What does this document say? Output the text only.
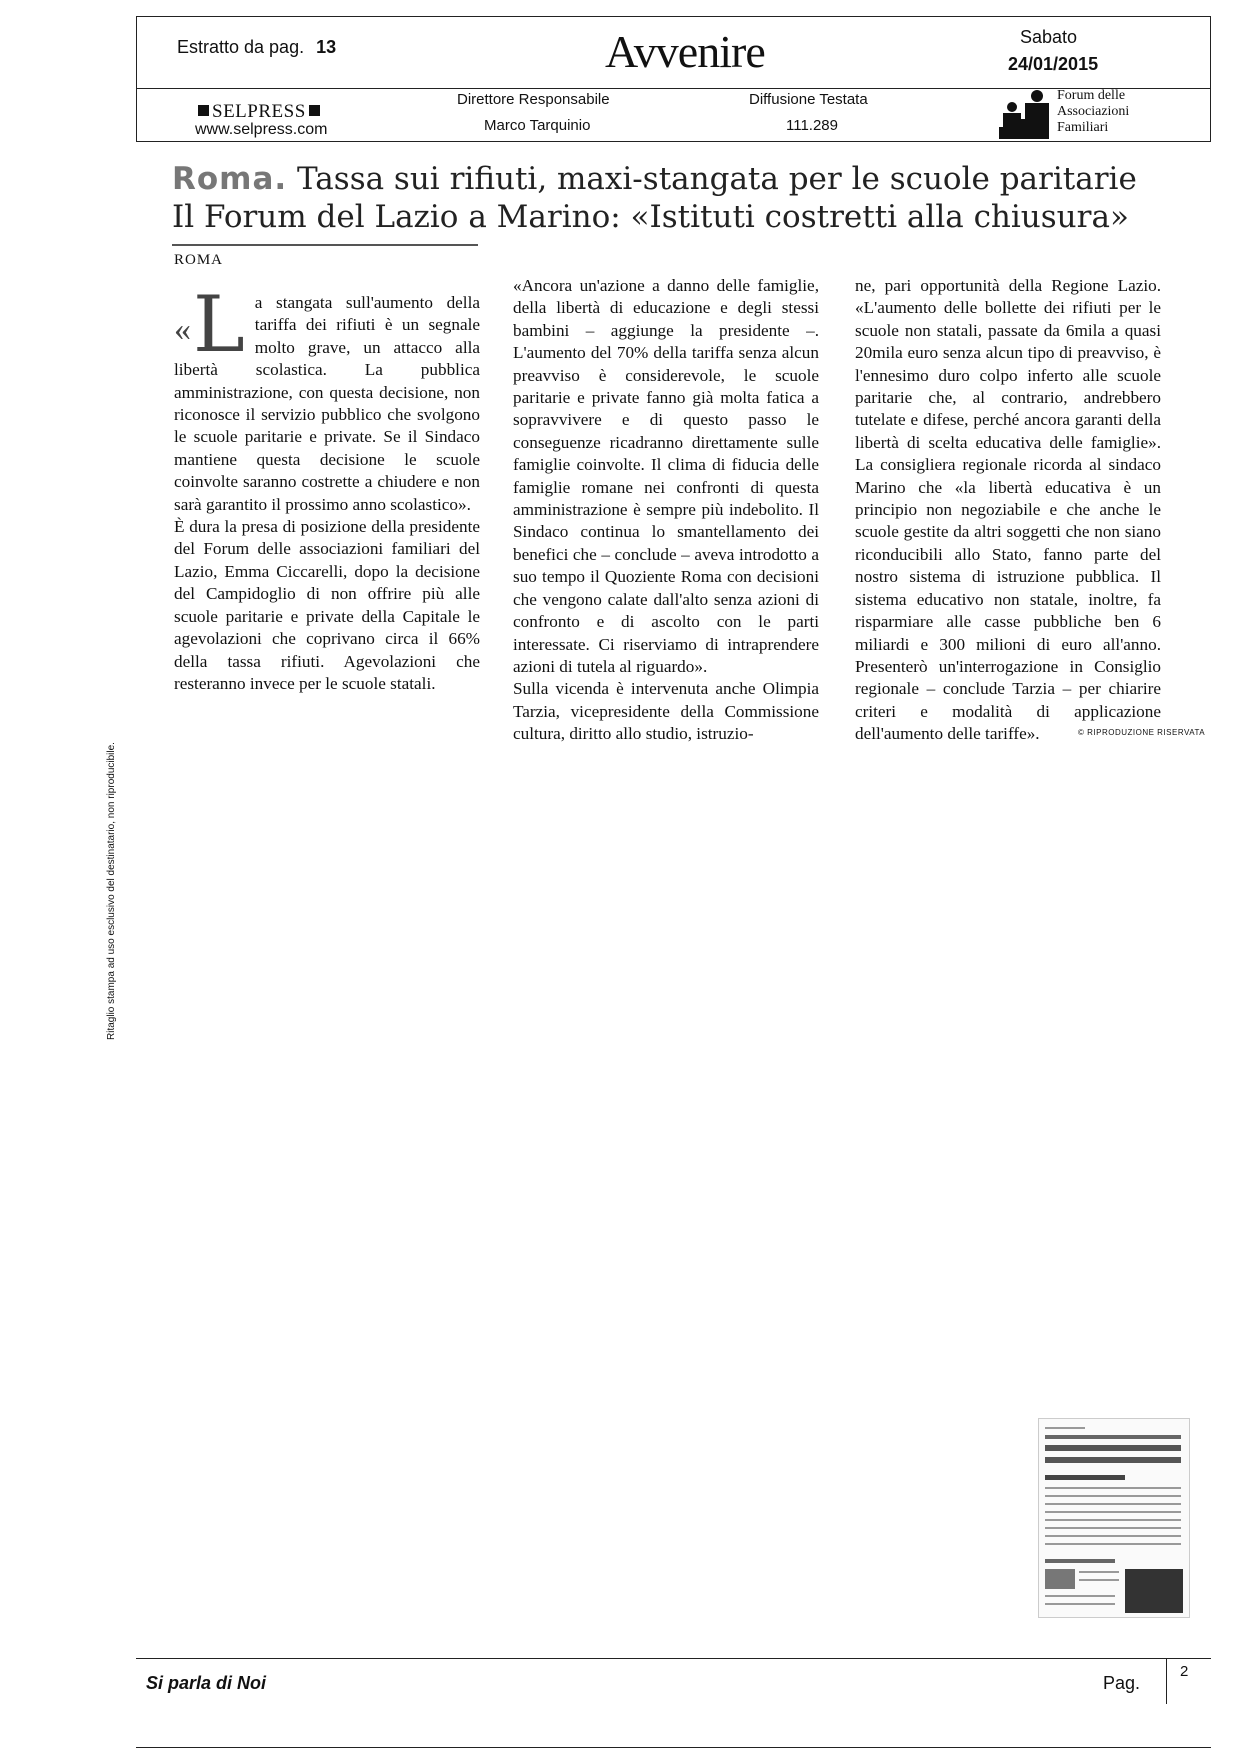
Estratto da pag. 13	Avvenire	Sabato
24/01/2015
SELPRESS
www.selpress.com
Direttore Responsabile
Marco Tarquinio
Diffusione Testata
111.289
Forum delle
Associazioni
Familiari
Roma. Tassa sui rifiuti, maxi-stangata per le scuole paritarie
Il Forum del Lazio a Marino: «Istituti costretti alla chiusura»
ROMA
« L a stangata sull'aumento della tariffa dei rifiuti è un segnale molto grave, un attacco alla libertà scolastica. La pubblica amministrazione, con questa decisione, non riconosce il servizio pubblico che svolgono le scuole paritarie e private. Se il Sindaco mantiene questa decisione le scuole coinvolte saranno costrette a chiudere e non sarà garantito il prossimo anno scolastico».

È dura la presa di posizione della presidente del Forum delle associazioni familiari del Lazio, Emma Ciccarelli, dopo la decisione del Campidoglio di non offrire più alle scuole paritarie e private della Capitale le agevolazioni che coprivano circa il 66% della tassa rifiuti. Agevolazioni che resteranno invece per le scuole statali.

«Ancora un'azione a danno delle famiglie, della libertà di educazione e degli stessi bambini – aggiunge la presidente –. L'aumento del 70% della tariffa senza alcun preavviso è considerevole, le scuole paritarie e private fanno già molta fatica a sopravvivere e di questo passo le conseguenze ricadranno direttamente sulle famiglie coinvolte. Il clima di fiducia delle famiglie romane nei confronti di questa amministrazione è sempre più indebolito. Il Sindaco continua lo smantellamento dei benefici che – conclude – aveva introdotto a suo tempo il Quoziente Roma con decisioni che vengono calate dall'alto senza azioni di confronto e di ascolto con le parti interessate. Ci riserviamo di intraprendere azioni di tutela al riguardo».

Sulla vicenda è intervenuta anche Olimpia Tarzia, vicepresidente della Commissione cultura, diritto allo studio, istruzio-

ne, pari opportunità della Regione Lazio. «L'aumento delle bollette dei rifiuti per le scuole non statali, passate da 6mila a quasi 20mila euro senza alcun tipo di preavviso, è l'ennesimo duro colpo inferto alle scuole paritarie che, al contrario, andrebbero tutelate e difese, perché ancora garanti della libertà di scelta educativa delle famiglie». La consigliera regionale ricorda al sindaco Marino che «la libertà educativa è un principio non negoziabile e che anche le scuole gestite da altri soggetti che non siano riconducibili allo Stato, fanno parte del nostro sistema di istruzione pubblica. Il sistema educativo non statale, inoltre, fa risparmiare alle casse pubbliche ben 6 miliardi e 300 milioni di euro all'anno. Presenterò un'interrogazione in Consiglio regionale – conclude Tarzia – per chiarire criteri e modalità di applicazione dell'aumento delle tariffe».	© RIPRODUZIONE RISERVATA
Ritaglio stampa ad uso esclusivo del destinatario, non riproducibile.
Si parla di Noi	Pag.
2
